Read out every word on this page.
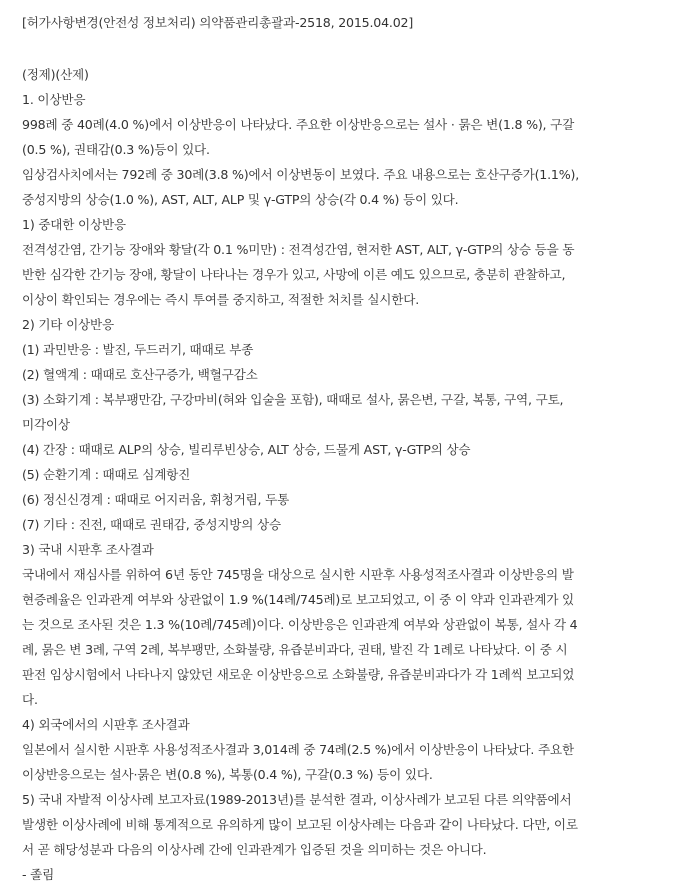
[허가사항변경(안전성 정보처리) 의약품관리총괄과-2518, 2015.04.02]
(정제)(산제)
1. 이상반응
998례 중 40례(4.0 %)에서 이상반응이 나타났다. 주요한 이상반응으로는 설사 · 묽은 변(1.8 %), 구갈
(0.5 %), 권태감(0.3 %)등이 있다.
임상검사치에서는 792례 중 30례(3.8 %)에서 이상변동이 보였다. 주요 내용으로는 호산구증가(1.1%),
중성지방의 상승(1.0 %), AST, ALT, ALP 및 γ-GTP의 상승(각 0.4 %) 등이 있다.
1) 중대한 이상반응
전격성간염, 간기능 장애와 황달(각 0.1 %미만) : 전격성간염, 현저한 AST, ALT, γ-GTP의 상승 등을 동
반한 심각한 간기능 장애, 황달이 나타나는 경우가 있고, 사망에 이른 예도 있으므로, 충분히 관찰하고,
이상이 확인되는 경우에는 즉시 투여를 중지하고, 적절한 처치를 실시한다.
2) 기타 이상반응
(1) 과민반응 : 발진, 두드러기, 때때로 부종
(2) 혈액계 : 때때로 호산구증가, 백혈구감소
(3) 소화기계 : 복부팽만감, 구강마비(혀와 입술을 포함), 때때로 설사, 묽은변, 구갈, 복통, 구역, 구토,
미각이상
(4) 간장 : 때때로 ALP의 상승, 빌리루빈상승, ALT 상승, 드물게 AST, γ-GTP의 상승
(5) 순환기계 : 때때로 심계항진
(6) 정신신경계 : 때때로 어지러움, 휘청거림, 두통
(7) 기타 : 진전, 때때로 권태감, 중성지방의 상승
3) 국내 시판후 조사결과
국내에서 재심사를 위하여 6년 동안 745명을 대상으로 실시한 시판후 사용성적조사결과 이상반응의 발
현증례율은 인과관계 여부와 상관없이 1.9 %(14례/745례)로 보고되었고, 이 중 이 약과 인과관계가 있
는 것으로 조사된 것은 1.3 %(10례/745례)이다. 이상반응은 인과관계 여부와 상관없이 복통, 설사 각 4
례, 묽은 변 3례, 구역 2례, 복부팽만, 소화불량, 유즙분비과다, 권태, 발진 각 1례로 나타났다. 이 중 시
판전 임상시험에서 나타나지 않았던 새로운 이상반응으로 소화불량, 유즙분비과다가 각 1례씩 보고되었
다.
4) 외국에서의 시판후 조사결과
일본에서 실시한 시판후 사용성적조사결과 3,014례 중 74례(2.5 %)에서 이상반응이 나타났다. 주요한
이상반응으로는 설사·묽은 변(0.8 %), 복통(0.4 %), 구갈(0.3 %) 등이 있다.
5) 국내 자발적 이상사례 보고자료(1989-2013년)를 분석한 결과, 이상사례가 보고된 다른 의약품에서
발생한 이상사례에 비해 통계적으로 유의하게 많이 보고된 이상사례는 다음과 같이 나타났다. 다만, 이로
서 곧 해당성분과 다음의 이상사례 간에 인과관계가 입증된 것을 의미하는 것은 아니다.
- 졸림
